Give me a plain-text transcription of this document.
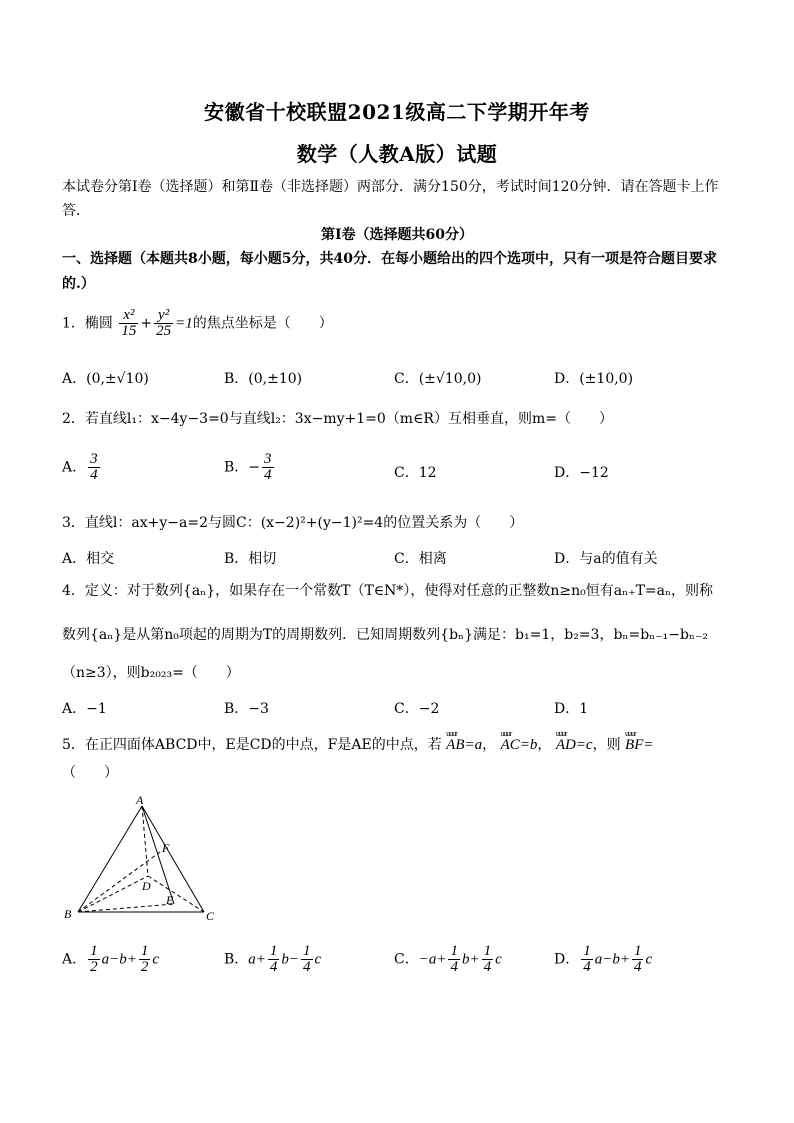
安徽省十校联盟2021级高二下学期开年考
数学（人教A版）试题
本试卷分第Ⅰ卷（选择题）和第Ⅱ卷（非选择题）两部分．满分150分，考试时间120分钟．请在答题卡上作
答．
第Ⅰ卷（选择题共60分）
一、选择题（本题共8小题，每小题5分，共40分．在每小题给出的四个选项中，只有一项是符合题目要求
的.）
1．椭圆 $\frac{\text{x²}}{15} + \frac{\text{y²}}{25} =1$的焦点坐标是（　　）
A．(0,±√10)	B．(0,±10)	C．(±√10,0)	D．(±10,0)
2．若直线l₁：x−4y−3=0与直线l₂：3x−my+1=0（m∈R）互相垂直，则m=（　　）
A． $\frac{3}{4}$	B．− $\frac{3}{4}$	C．12	D．−12
3．直线l：ax+y−a=2与圆C：(x−2)²+(y−1)²=4的位置关系为（　　）
A．相交	B．相切	C．相离	D．与a的值有关
4．定义：对于数列{aₙ}，如果存在一个常数T（T∈N*），使得对任意的正整数n≥n₀恒有aₙ₊T=aₙ，则称
数列{aₙ}是从第n₀项起的周期为T的周期数列．已知周期数列{bₙ}满足：b₁=1，b₂=3，bₙ=bₙ₋₁−bₙ₋₂
（n≥3），则b₂₀₂₃=（　　）
A．−1	B．−3	C．−2	D．1
5．在正四面体ABCD中，E是CD的中点，F是AE的中点，若 uuur AB=a， uuur AC=b， uuur AD=c，则 uuur BF=
（　　）
A
B	C
D
E
F
A． $\frac{1}{2} a-b+ \frac{1}{2}$ c	B．$a+ \frac{1}{4} b- \frac{1}{4}$ c	C．$-a+ \frac{1}{4} b+ \frac{1}{4}$ c	D． $\frac{1}{4} a-b+ \frac{1}{4}$ c
